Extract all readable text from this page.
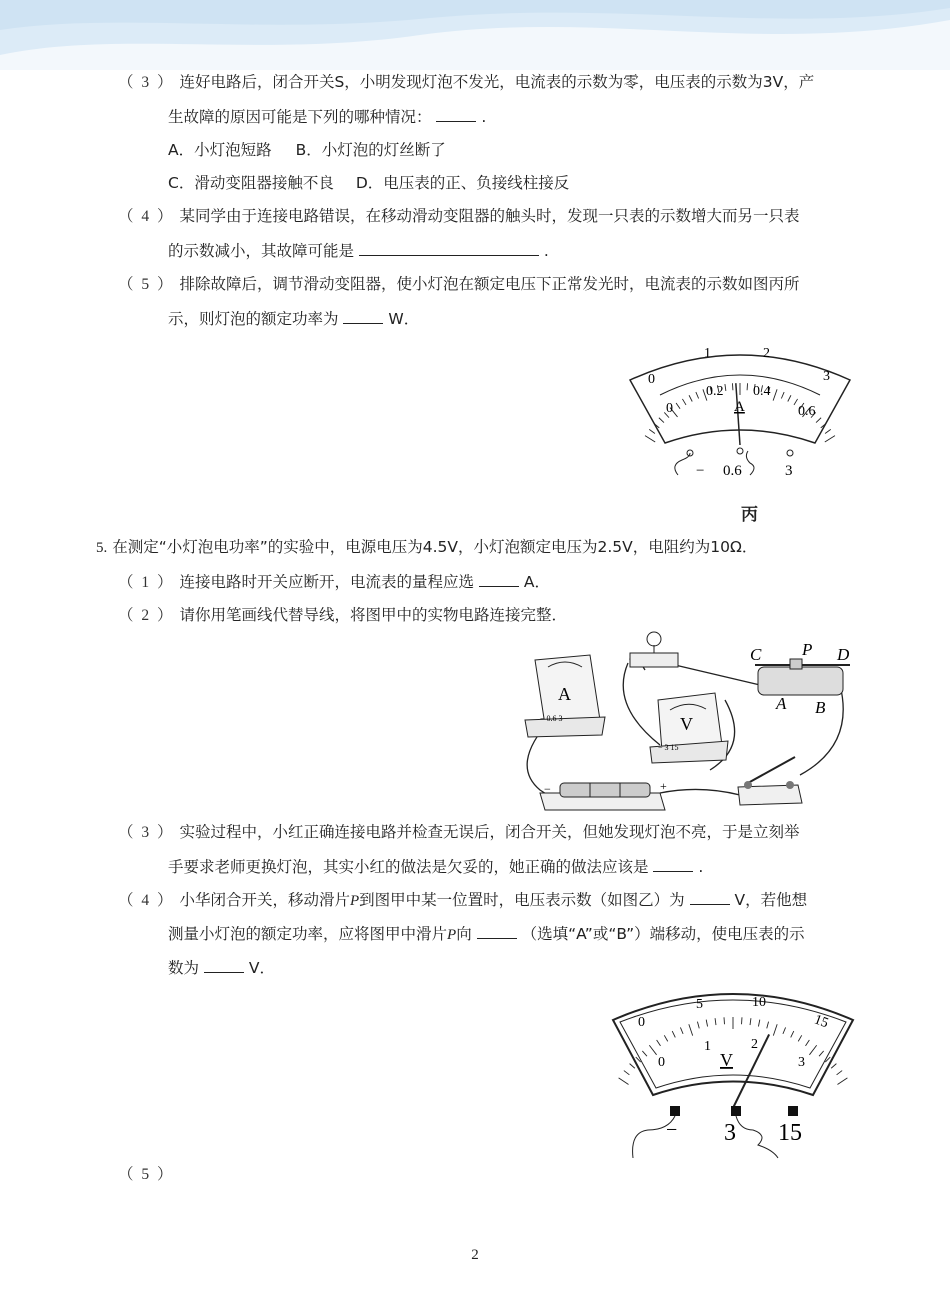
（ 3 ） 连好电路后，闭合开关S，小明发现灯泡不发光，电流表的示数为零，电压表的示数为3V，产
生故障的原因可能是下列的哪种情况：	.
A．小灯泡短路 B．小灯泡的灯丝断了
C．滑动变阻器接触不良 D．电压表的正、负接线柱接反
（ 4 ） 某同学由于连接电路错误，在移动滑动变阻器的触头时，发现一只表的示数增大而另一只表
的示数减小，其故障可能是	.
（ 5 ） 排除故障后，调节滑动变阻器，使小灯泡在额定电压下正常发光时，电流表的示数如图丙所
示，则灯泡的额定功率为	W．
0
1	2
3
0
0.2 0.4
0.6
A
− 0.6	3
丙
5. 在测定“小灯泡电功率”的实验中，电源电压为4.5V，小灯泡额定电压为2.5V，电阻约为10Ω．
（ 1 ） 连接电路时开关应断开，电流表的量程应选	A．
（ 2 ） 请你用笔画线代替导线，将图甲中的实物电路连接完整．
A
− 0.6 3	V
− 3 15
C P D
A B
−	+
（ 3 ） 实验过程中，小红正确连接电路并检查无误后，闭合开关，但她发现灯泡不亮，于是立刻举
手要求老师更换灯泡，其实小红的做法是欠妥的，她正确的做法应该是	.
（ 4 ） 小华闭合开关，移动滑片P到图甲中某一位置时，电压表示数（如图乙）为	V，若他想
测量小灯泡的额定功率，应将图甲中滑片P向	（选填“A”或“B”）端移动，使电压表的示
数为	V．
0
5	10
15
0
1	2
3
V
− 3 15
（ 5 ）
2
